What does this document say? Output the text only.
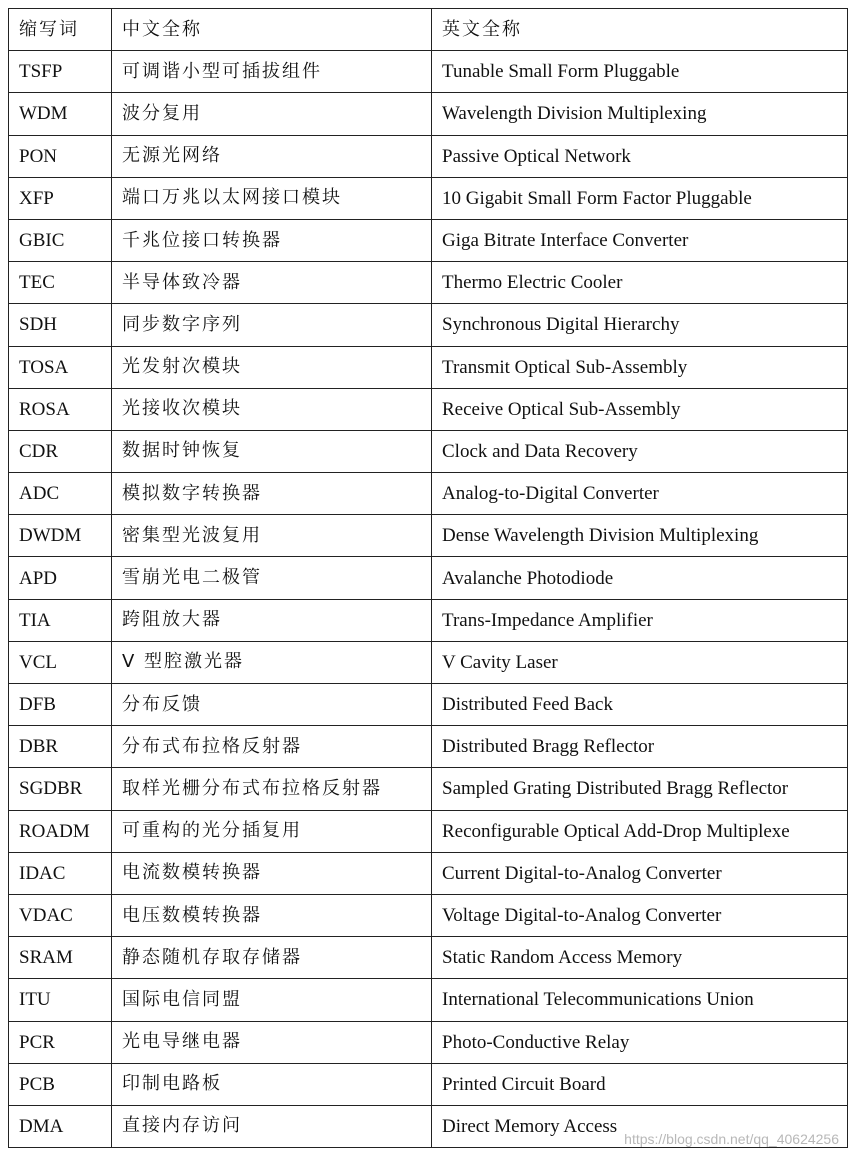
缩写词	中文全称	英文全称
TSFP	可调谐小型可插拔组件	Tunable Small Form Pluggable
WDM	波分复用	Wavelength Division Multiplexing
PON	无源光网络	Passive Optical Network
XFP	端口万兆以太网接口模块	10 Gigabit Small Form Factor Pluggable
GBIC	千兆位接口转换器	Giga Bitrate Interface Converter
TEC	半导体致冷器	Thermo Electric Cooler
SDH	同步数字序列	Synchronous Digital Hierarchy
TOSA	光发射次模块	Transmit Optical Sub-Assembly
ROSA	光接收次模块	Receive Optical Sub-Assembly
CDR	数据时钟恢复	Clock and Data Recovery
ADC	模拟数字转换器	Analog-to-Digital Converter
DWDM	密集型光波复用	Dense Wavelength Division Multiplexing
APD	雪崩光电二极管	Avalanche Photodiode
TIA	跨阻放大器	Trans-Impedance Amplifier
VCL	V 型腔激光器	V Cavity Laser
DFB	分布反馈	Distributed Feed Back
DBR	分布式布拉格反射器	Distributed Bragg Reflector
SGDBR	取样光栅分布式布拉格反射器	Sampled Grating Distributed Bragg Reflector
ROADM	可重构的光分插复用	Reconfigurable Optical Add-Drop Multiplexe
IDAC	电流数模转换器	Current Digital-to-Analog Converter
VDAC	电压数模转换器	Voltage Digital-to-Analog Converter
SRAM	静态随机存取存储器	Static Random Access Memory
ITU	国际电信同盟	International Telecommunications Union
PCR	光电导继电器	Photo-Conductive Relay
PCB	印制电路板	Printed Circuit Board
DMA	直接内存访问	Direct Memory Access
https://blog.csdn.net/qq_40624256
